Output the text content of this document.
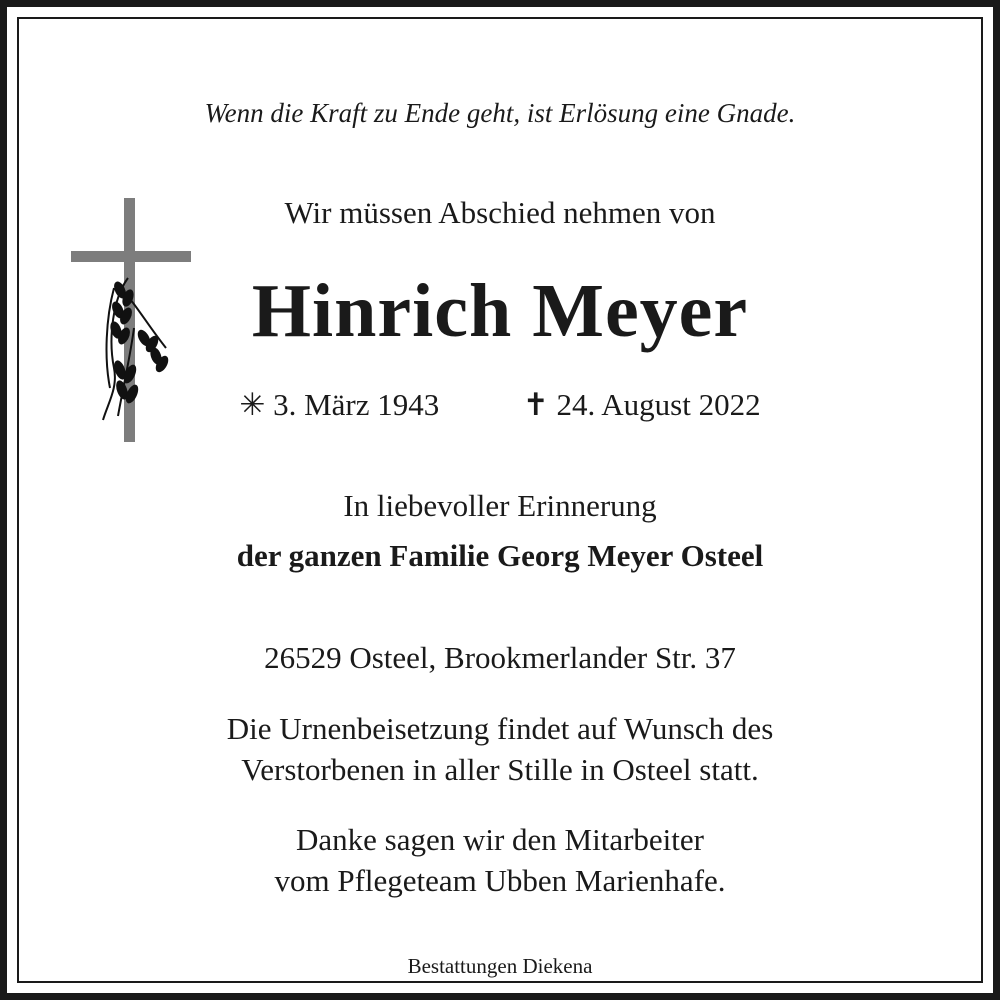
Wenn die Kraft zu Ende geht, ist Erlösung eine Gnade.
Wir müssen Abschied nehmen von
Hinrich Meyer
✳ 3. März 1943	✝ 24. August 2022
In liebevoller Erinnerung
der ganzen Familie Georg Meyer Osteel
26529 Osteel, Brookmerlander Str. 37
Die Urnenbeisetzung findet auf Wunsch des
Verstorbenen in aller Stille in Osteel statt.
Danke sagen wir den Mitarbeiter
vom Pflegeteam Ubben Marienhafe.
Bestattungen Diekena
